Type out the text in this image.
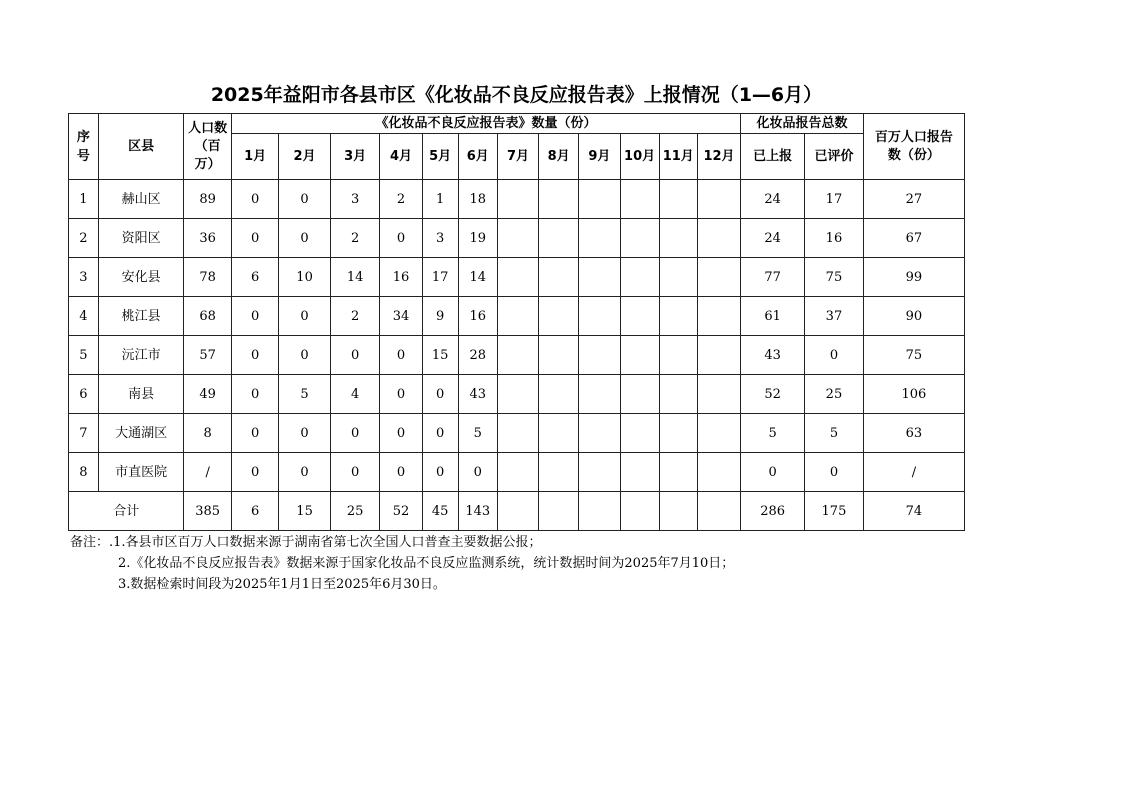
2025年益阳市各县市区《化妆品不良反应报告表》上报情况（1—6月）
序号	区县	人口数（百万）	《化妆品不良反应报告表》数量（份）												化妆品报告总数		百万人口报告数（份）
			1月	2月	3月	4月	5月	6月	7月	8月	9月	10月	11月	12月	已上报	已评价	
1	赫山区	89	0	0	3	2	1	18							24	17	27
2	资阳区	36	0	0	2	0	3	19							24	16	67
3	安化县	78	6	10	14	16	17	14							77	75	99
4	桃江县	68	0	0	2	34	9	16							61	37	90
5	沅江市	57	0	0	0	0	15	28							43	0	75
6	南县	49	0	5	4	0	0	43							52	25	106
7	大通湖区	8	0	0	0	0	0	5							5	5	63
8	市直医院	/	0	0	0	0	0	0							0	0	/
合计		385	6	15	25	52	45	143							286	175	74
备注：.1.各县市区百万人口数据来源于湖南省第七次全国人口普查主要数据公报；
2.《化妆品不良反应报告表》数据来源于国家化妆品不良反应监测系统，统计数据时间为2025年7月10日；
3.数据检索时间段为2025年1月1日至2025年6月30日。
